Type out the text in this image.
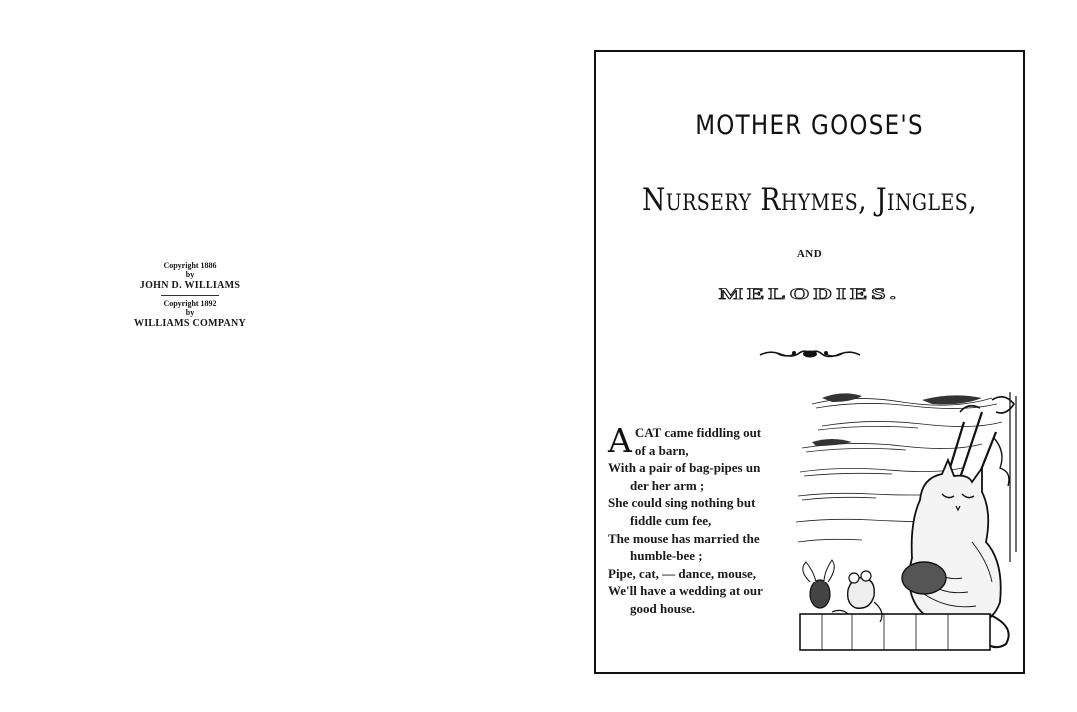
Copyright 1886
by
JOHN D. WILLIAMS
Copyright 1892
by
WILLIAMS COMPANY
MOTHER GOOSE'S
Nursery Rhymes, Jingles,
AND
MELODIES.
A CAT came fiddling out
of a barn,
With a pair of bag-pipes un
der her arm ;
She could sing nothing but
fiddle cum fee,
The mouse has married the
humble-bee ;
Pipe, cat, — dance, mouse,
We'll have a wedding at our
good house.
